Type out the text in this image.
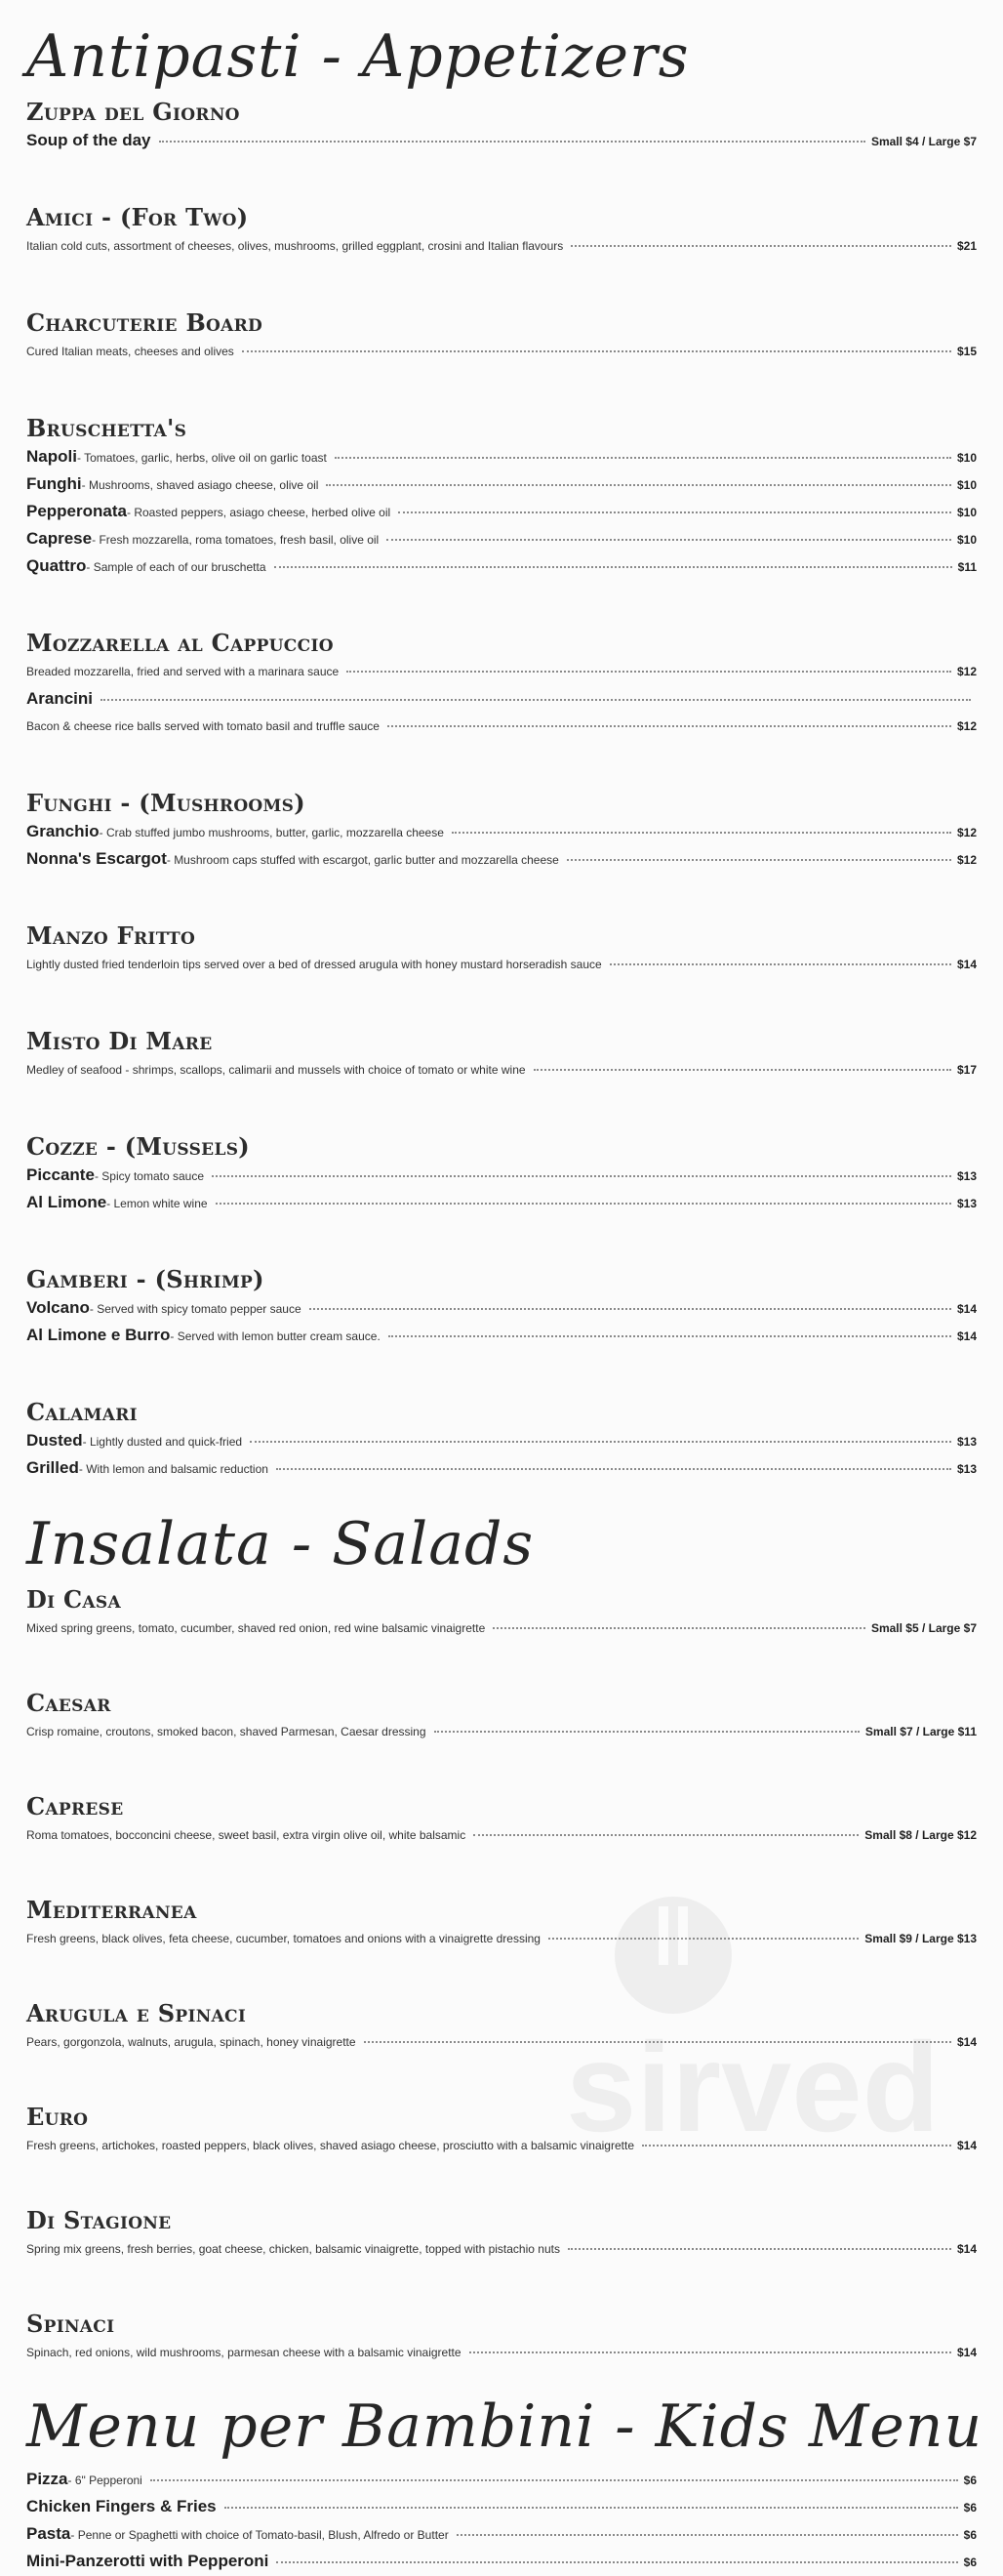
Antipasti - Appetizers
Zuppa del Giorno
Soup of the day	Small $4 / Large $7
Amici - (For Two)
Italian cold cuts, assortment of cheeses, olives, mushrooms, grilled eggplant, crosini and Italian flavours	$21
Charcuterie Board
Cured Italian meats, cheeses and olives	$15
Bruschetta's
Napoli - Tomatoes, garlic, herbs, olive oil on garlic toast	$10
Funghi - Mushrooms, shaved asiago cheese, olive oil	$10
Pepperonata - Roasted peppers, asiago cheese, herbed olive oil	$10
Caprese - Fresh mozzarella, roma tomatoes, fresh basil, olive oil	$10
Quattro - Sample of each of our bruschetta	$11
Mozzarella al Cappuccio
Breaded mozzarella, fried and served with a marinara sauce	$12
Arancini
Bacon & cheese rice balls served with tomato basil and truffle sauce	$12
Funghi - (Mushrooms)
Granchio - Crab stuffed jumbo mushrooms, butter, garlic, mozzarella cheese	$12
Nonna's Escargot - Mushroom caps stuffed with escargot, garlic butter and mozzarella cheese	$12
Manzo Fritto
Lightly dusted fried tenderloin tips served over a bed of dressed arugula with honey mustard horseradish sauce	$14
Misto Di Mare
Medley of seafood - shrimps, scallops, calimarii and mussels with choice of tomato or white wine	$17
Cozze - (Mussels)
Piccante - Spicy tomato sauce	$13
Al Limone - Lemon white wine	$13
Gamberi - (Shrimp)
Volcano - Served with spicy tomato pepper sauce	$14
Al Limone e Burro - Served with lemon butter cream sauce.	$14
Calamari
Dusted - Lightly dusted and quick-fried	$13
Grilled - With lemon and balsamic reduction	$13
Insalata - Salads
Di Casa
Mixed spring greens, tomato, cucumber, shaved red onion, red wine balsamic vinaigrette	Small $5 / Large $7
Caesar
Crisp romaine, croutons, smoked bacon, shaved Parmesan, Caesar dressing	Small $7 / Large $11
Caprese
Roma tomatoes, bocconcini cheese, sweet basil, extra virgin olive oil, white balsamic	Small $8 / Large $12
Mediterranea
Fresh greens, black olives, feta cheese, cucumber, tomatoes and onions with a vinaigrette dressing	Small $9 / Large $13
Arugula e Spinaci
Pears, gorgonzola, walnuts, arugula, spinach, honey vinaigrette	$14
Euro
Fresh greens, artichokes, roasted peppers, black olives, shaved asiago cheese, prosciutto with a balsamic vinaigrette	$14
Di Stagione
Spring mix greens, fresh berries, goat cheese, chicken, balsamic vinaigrette, topped with pistachio nuts	$14
Spinaci
Spinach, red onions, wild mushrooms, parmesan cheese with a balsamic vinaigrette	$14
Menu per Bambini - Kids Menu
Pizza - 6" Pepperoni	$6
Chicken Fingers & Fries	$6
Pasta - Penne or Spaghetti with choice of Tomato-basil, Blush, Alfredo or Butter	$6
Mini-Panzerotti with Pepperoni	$6
sirved
